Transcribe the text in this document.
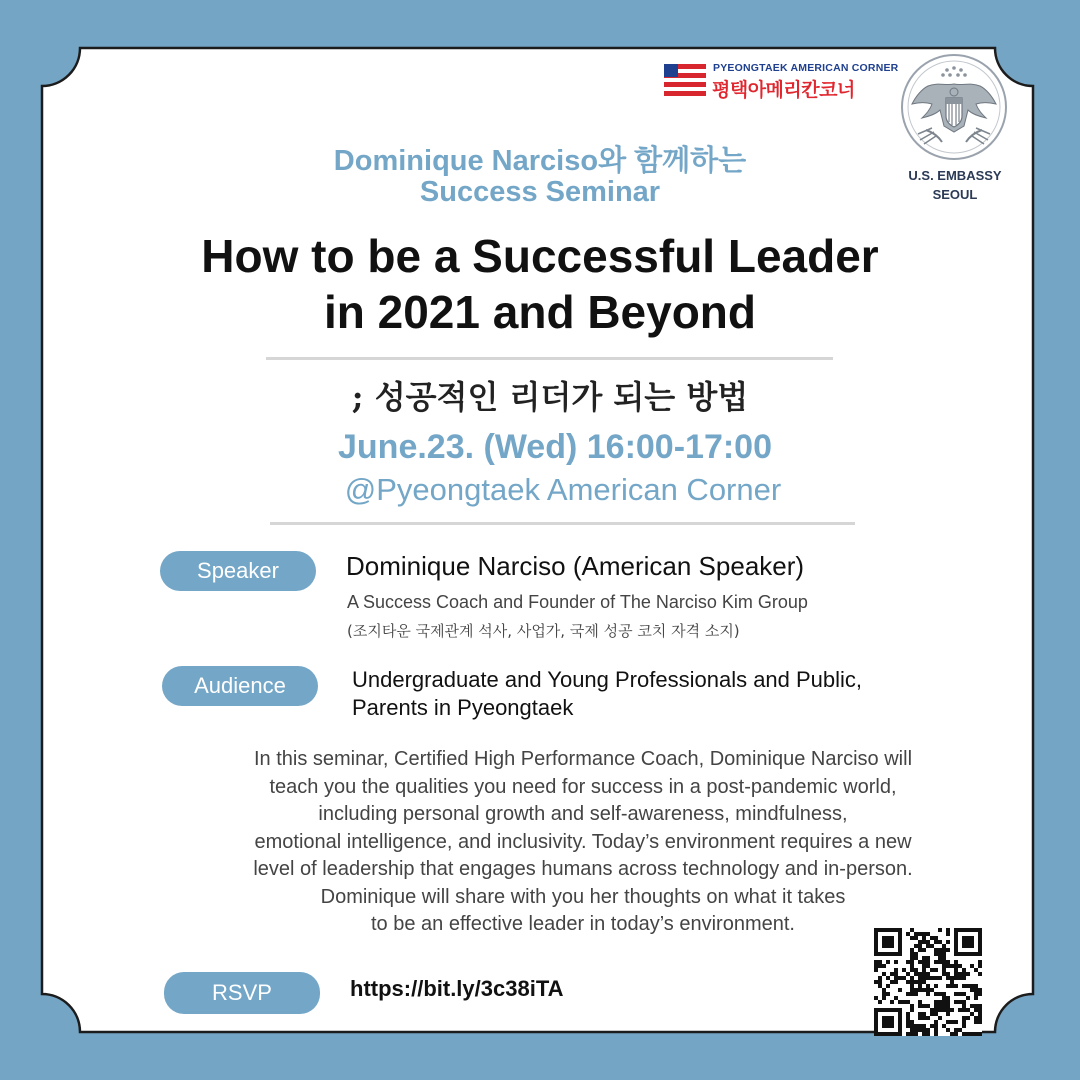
PYEONGTAEK AMERICAN CORNER
평택아메리칸코너
U.S. EMBASSY
SEOUL
Dominique Narciso와 함께하는
Success Seminar
How to be a Successful Leader
in 2021 and Beyond
; 성공적인 리더가 되는 방법
June.23. (Wed) 16:00-17:00
@Pyeongtaek American Corner
Speaker	Dominique Narciso (American Speaker)
A Success Coach and Founder of The Narciso Kim Group
(조지타운 국제관계 석사, 사업가, 국제 성공 코치 자격 소지)
Audience	Undergraduate and Young Professionals and Public,
Parents in Pyeongtaek
In this seminar, Certified High Performance Coach, Dominique Narciso will
teach you the qualities you need for success in a post-pandemic world,
including personal growth and self-awareness, mindfulness,
emotional intelligence, and inclusivity. Today’s environment requires a new
level of leadership that engages humans across technology and in-person.
Dominique will share with you her thoughts on what it takes
to be an effective leader in today’s environment.
RSVP	https://bit.ly/3c38iTA
